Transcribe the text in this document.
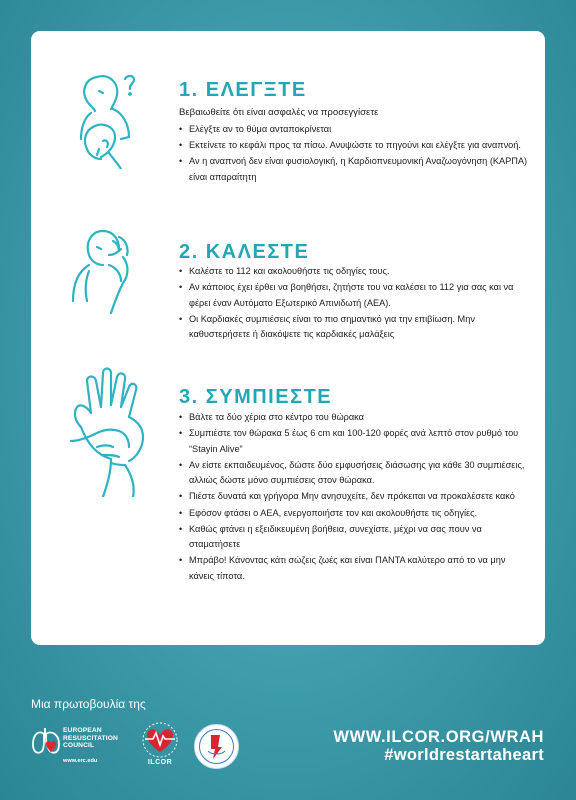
1. ΕΛΕΓΞΤΕ
Βεβαιωθείτε ότι είναι ασφαλές να προσεγγίσετε
• Ελέγξτε αν το θύμα ανταποκρίνεται
• Εκτείνετε το κεφάλι προς τα πίσω. Ανυψώστε το πηγούνι και ελέγξτε για αναπνοή.
• Αν η αναπνοή δεν είναι φυσιολογική, η Καρδιοπνευμονική Αναζωογόνηση (ΚΑΡΠΑ) είναι απαραίτητη
2. ΚΑΛΕΣΤΕ
• Καλέστε το 112 και ακολουθήστε τις οδηγίες τους.
• Αν κάποιος έχει έρθει να βοηθήσει, ζητήστε του να καλέσει το 112 για σας και να φέρει έναν Αυτόματο Εξωτερικό Απινιδωτή (ΑΕΑ).
• Οι Καρδιακές συμπιέσεις είναι το πιο σημαντικό για την επιβίωση. Μην καθυστερήσετε ή διακόψετε τις καρδιακές μαλάξεις
3. ΣΥΜΠΙΕΣΤΕ
• Βάλτε τα δύο χέρια στο κέντρο του θώρακα
• Συμπιέστε τον θώρακα 5 έως 6 cm και 100-120 φορές ανά λεπτό στον ρυθμό του “Stayin Alive”
• Αν είστε εκπαιδευμένος, δώστε δύο εμφυσήσεις διάσωσης για κάθε 30 συμπιέσεις, αλλιώς δώστε μόνο συμπιέσεις στον θώρακα.
• Πιέστε δυνατά και γρήγορα Μην ανησυχείτε, δεν πρόκειται να προκαλέσετε κακό
• Εφόσον φτάσει ο ΑΕΑ, ενεργοποιήστε τον και ακολουθήστε τις οδηγίες.
• Καθώς φτάνει η εξειδικευμένη βοήθεια, συνεχίστε, μέχρι να σας πουν να σταματήσετε
• Μπράβο! Κάνοντας κάτι σώζεις ζωές και είναι ΠΑΝΤΑ καλύτερο από το να μην κάνεις τίποτα.
Μια πρωτοβουλία της
EUROPEAN RESUSCITATION COUNCIL
www.erc.edu	ILCOR
WWW.ILCOR.ORG/WRAH
#worldrestartaheart
